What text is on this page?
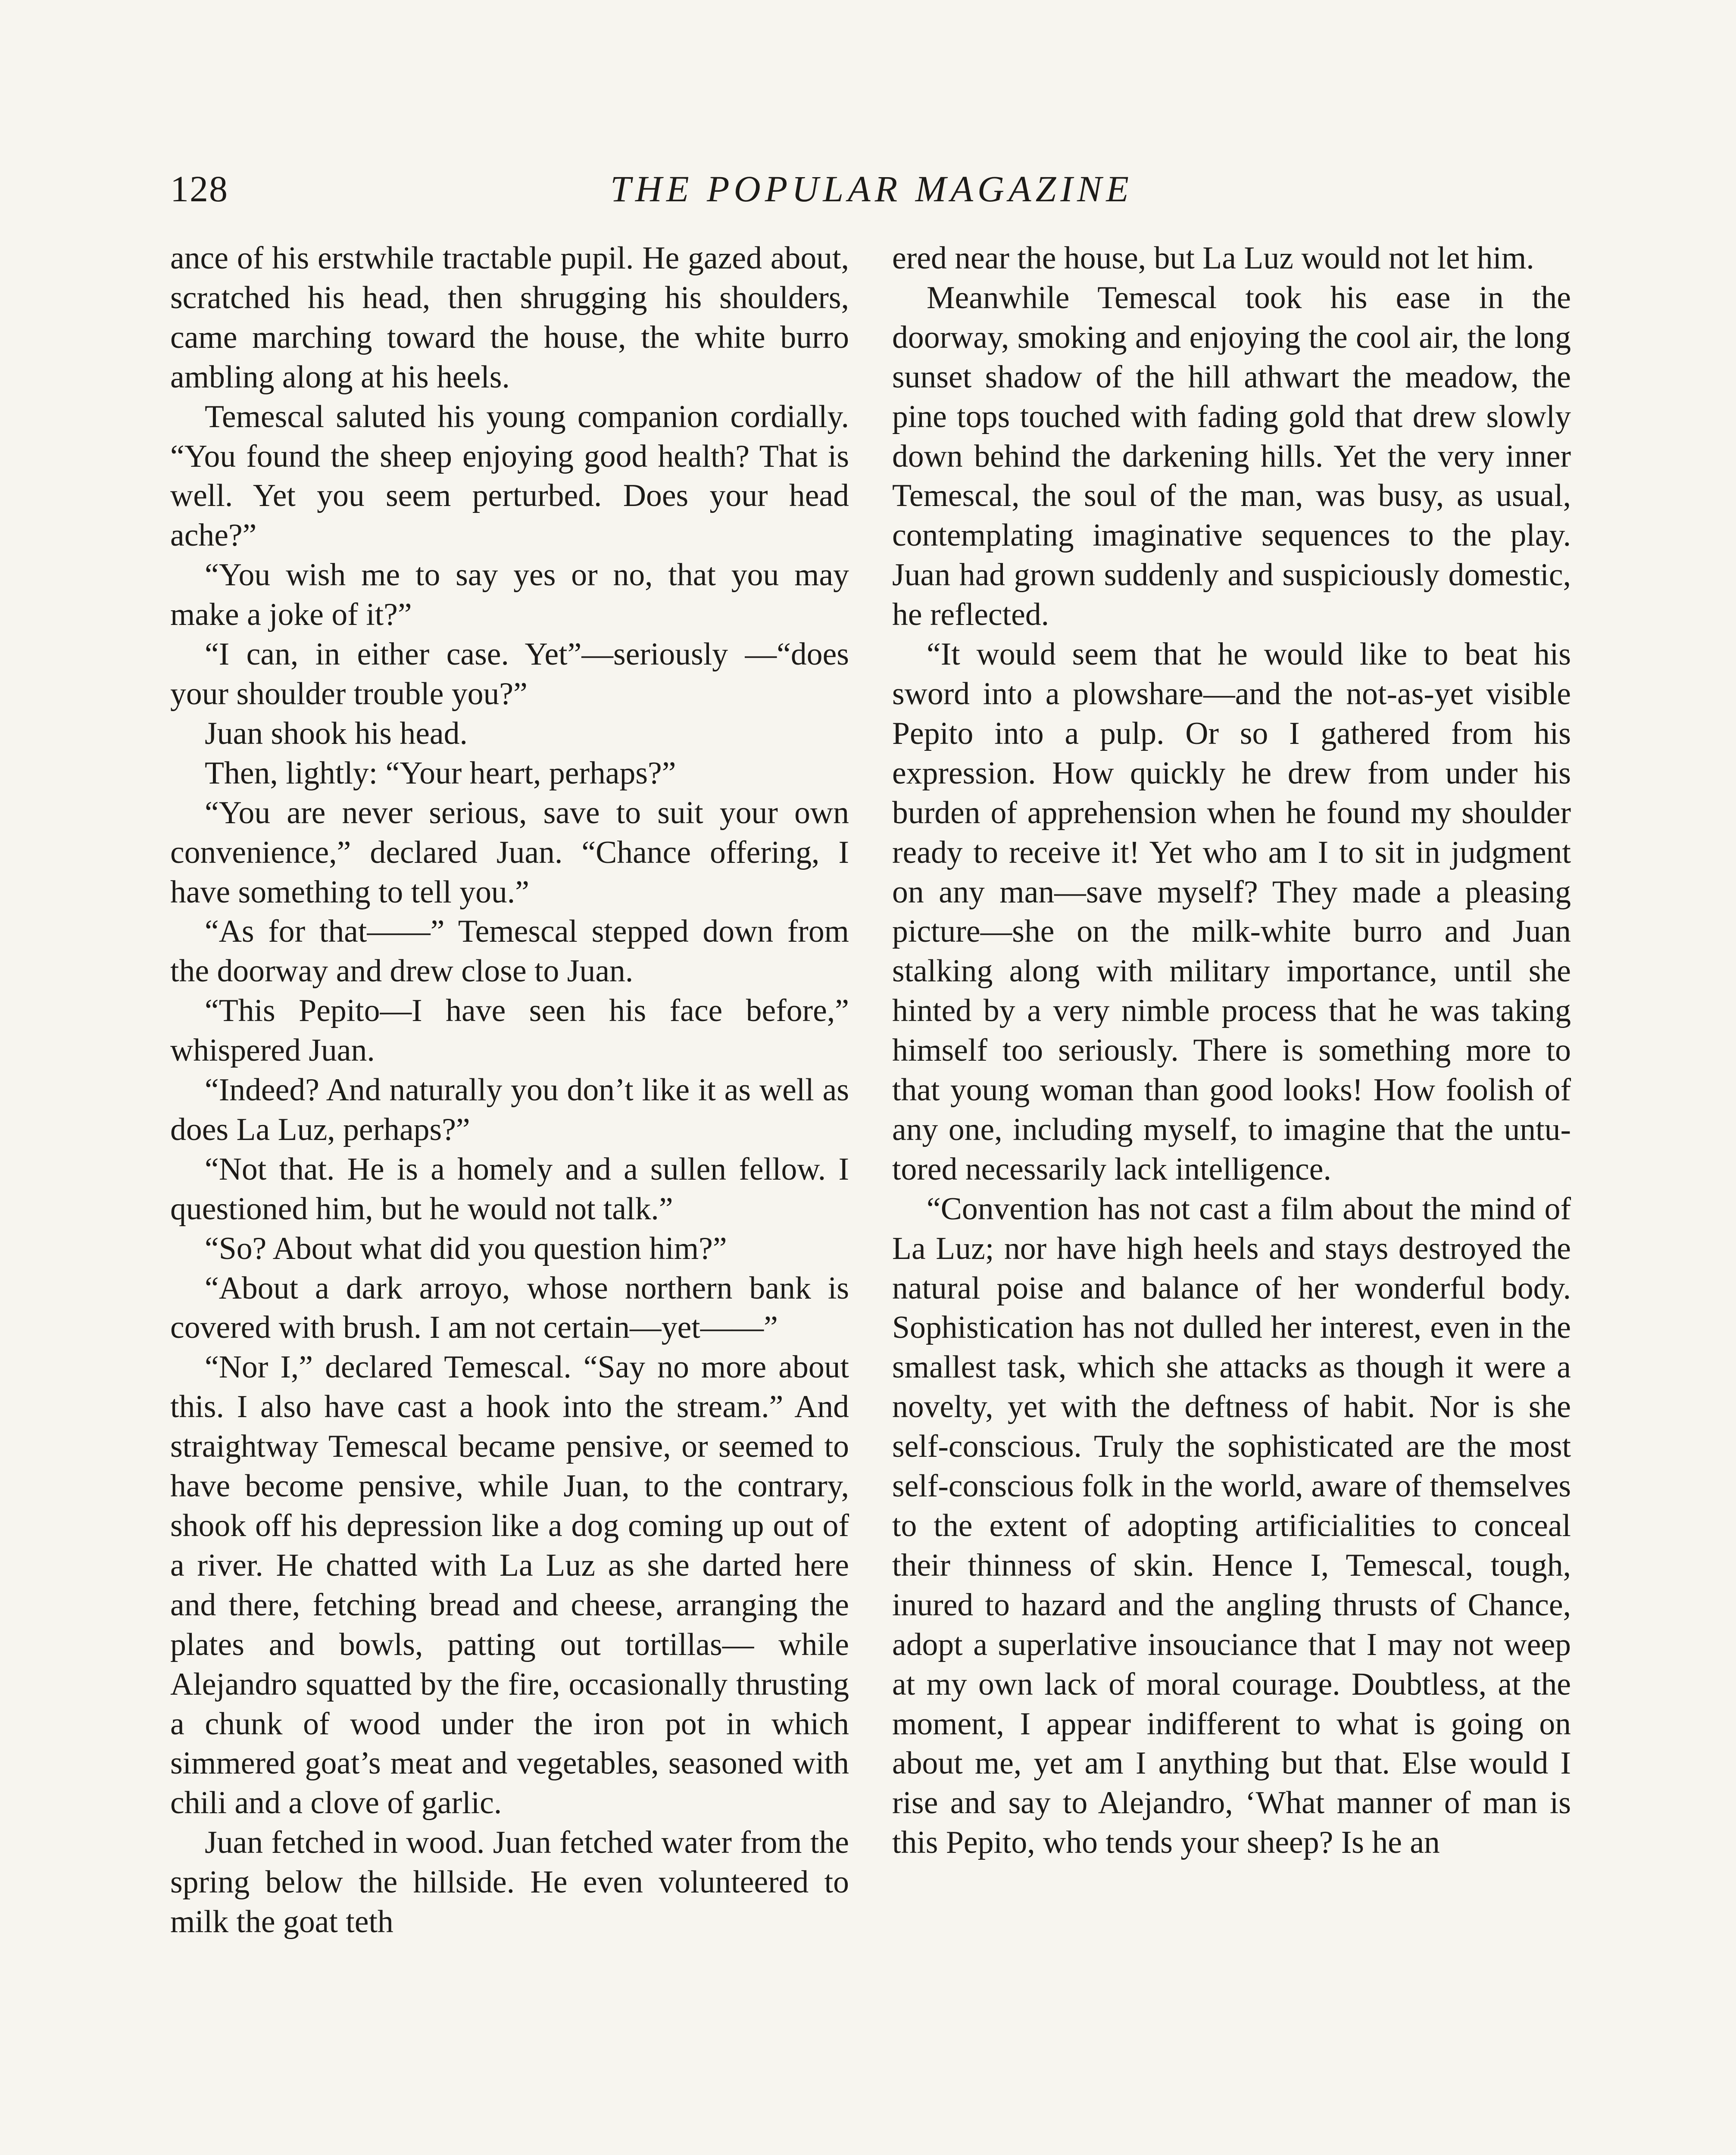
128	THE POPULAR MAGAZINE

ance of his erstwhile tractable pupil. He gazed about, scratched his head, then shrugging his shoulders, came marching toward the house, the white burro ambling along at his heels.

Temescal saluted his young companion cordially. “You found the sheep enjoying good health? That is well. Yet you seem perturbed. Does your head ache?”

“You wish me to say yes or no, that you may make a joke of it?”

“I can, in either case. Yet”—seriously —“does your shoulder trouble you?”

Juan shook his head.

Then, lightly: “Your heart, perhaps?”

“You are never serious, save to suit your own convenience,” declared Juan. “Chance offering, I have something to tell you.”

“As for that——” Temescal stepped down from the doorway and drew close to Juan.

“This Pepito—I have seen his face before,” whispered Juan.

“Indeed? And naturally you don’t like it as well as does La Luz, perhaps?”

“Not that. He is a homely and a sullen fellow. I questioned him, but he would not talk.”

“So? About what did you question him?”

“About a dark arroyo, whose northern bank is covered with brush. I am not certain—yet——”

“Nor I,” declared Temescal. “Say no more about this. I also have cast a hook into the stream.” And straightway Temescal became pensive, or seemed to have become pensive, while Juan, to the contrary, shook off his depression like a dog coming up out of a river. He chatted with La Luz as she darted here and there, fetching bread and cheese, arranging the plates and bowls, patting out tortillas— while Alejandro squatted by the fire, occasionally thrusting a chunk of wood under the iron pot in which simmered goat’s meat and vegetables, seasoned with chili and a clove of garlic.

Juan fetched in wood. Juan fetched water from the spring below the hillside. He even volunteered to milk the goat teth

ered near the house, but La Luz would not let him.

Meanwhile Temescal took his ease in the doorway, smoking and enjoying the cool air, the long sunset shadow of the hill athwart the meadow, the pine tops touched with fading gold that drew slowly down behind the darkening hills. Yet the very inner Temescal, the soul of the man, was busy, as usual, contemplating imaginative sequences to the play. Juan had grown suddenly and suspiciously domestic, he reflected.

“It would seem that he would like to beat his sword into a plowshare—and the not-as-yet visible Pepito into a pulp. Or so I gathered from his expression. How quickly he drew from under his burden of apprehension when he found my shoulder ready to receive it! Yet who am I to sit in judgment on any man—save myself? They made a pleasing picture—she on the milk-white burro and Juan stalking along with military importance, until she hinted by a very nimble process that he was taking himself too seriously. There is something more to that young woman than good looks! How foolish of any one, including myself, to imagine that the untutored necessarily lack intelligence.

“Convention has not cast a film about the mind of La Luz; nor have high heels and stays destroyed the natural poise and balance of her wonderful body. Sophistication has not dulled her interest, even in the smallest task, which she attacks as though it were a novelty, yet with the deftness of habit. Nor is she self-conscious. Truly the sophisticated are the most self-conscious folk in the world, aware of themselves to the extent of adopting artificialities to conceal their thinness of skin. Hence I, Temescal, tough, inured to hazard and the angling thrusts of Chance, adopt a superlative insouciance that I may not weep at my own lack of moral courage. Doubtless, at the moment, I appear indifferent to what is going on about me, yet am I anything but that. Else would I rise and say to Alejandro, ‘What manner of man is this Pepito, who tends your sheep? Is he an
